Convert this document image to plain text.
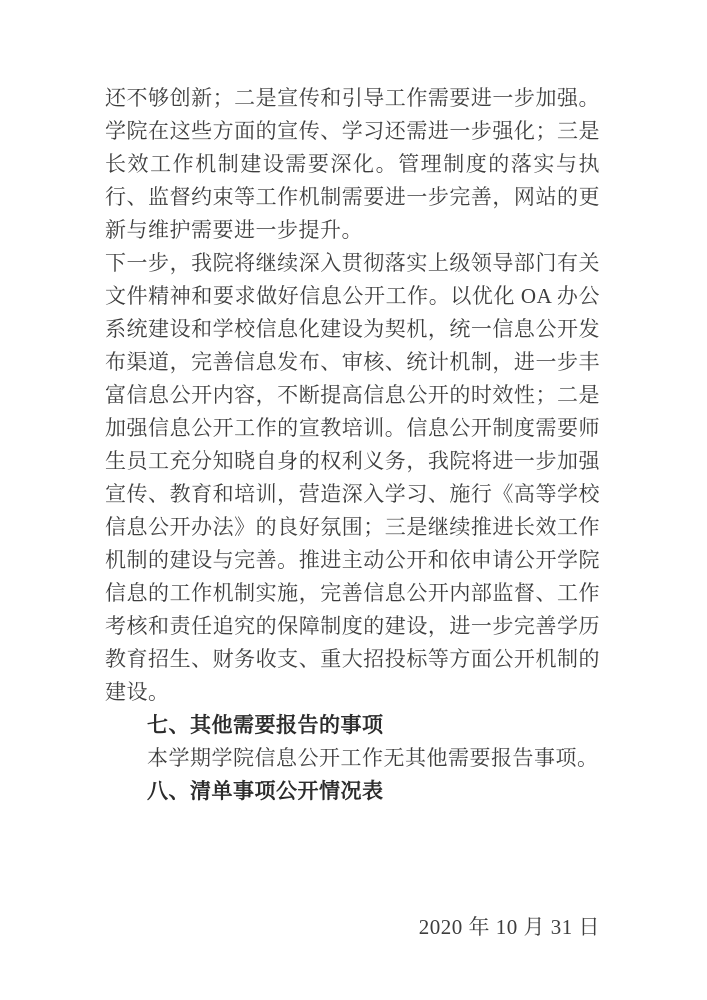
还不够创新；二是宣传和引导工作需要进一步加强。学院在这些方面的宣传、学习还需进一步强化；三是长效工作机制建设需要深化。管理制度的落实与执行、监督约束等工作机制需要进一步完善，网站的更新与维护需要进一步提升。

下一步，我院将继续深入贯彻落实上级领导部门有关文件精神和要求做好信息公开工作。以优化 OA 办公系统建设和学校信息化建设为契机，统一信息公开发布渠道，完善信息发布、审核、统计机制，进一步丰富信息公开内容，不断提高信息公开的时效性；二是加强信息公开工作的宣教培训。信息公开制度需要师生员工充分知晓自身的权利义务，我院将进一步加强宣传、教育和培训，营造深入学习、施行《高等学校信息公开办法》的良好氛围；三是继续推进长效工作机制的建设与完善。推进主动公开和依申请公开学院信息的工作机制实施，完善信息公开内部监督、工作考核和责任追究的保障制度的建设，进一步完善学历教育招生、财务收支、重大招投标等方面公开机制的建设。

七、其他需要报告的事项

本学期学院信息公开工作无其他需要报告事项。

八、清单事项公开情况表

2020 年 10 月 31 日
